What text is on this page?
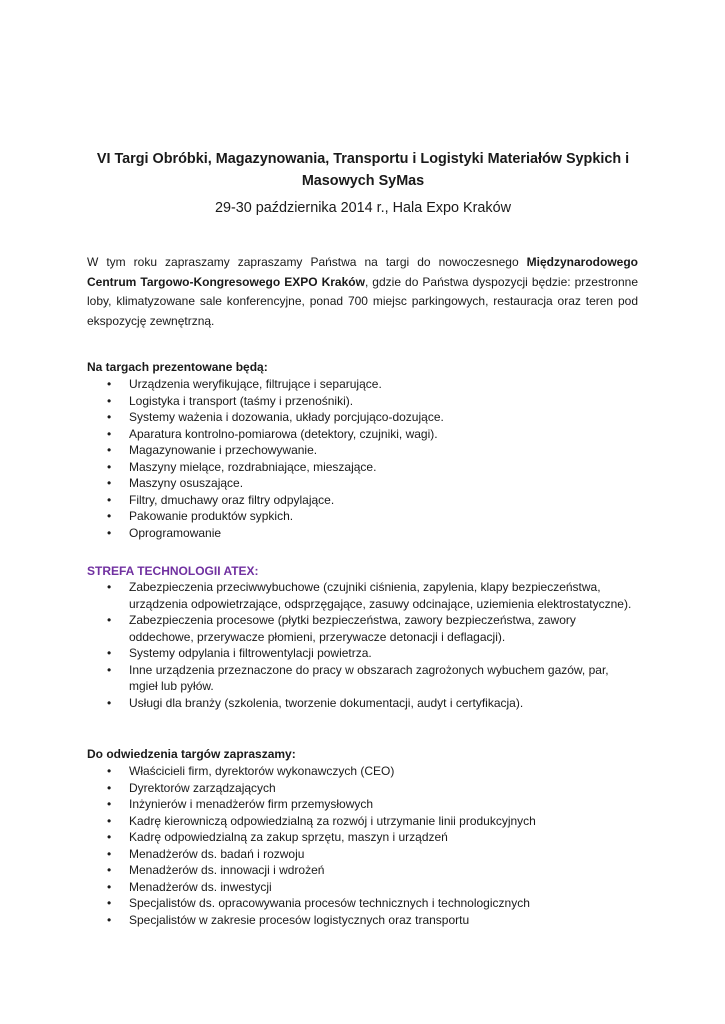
VI Targi Obróbki, Magazynowania, Transportu i Logistyki Materiałów Sypkich i Masowych SyMas
29-30 października 2014 r., Hala Expo Kraków
W tym roku zapraszamy zapraszamy Państwa na targi do nowoczesnego Międzynarodowego Centrum Targowo-Kongresowego EXPO Kraków, gdzie do Państwa dyspozycji będzie: przestronne loby, klimatyzowane sale konferencyjne, ponad 700 miejsc parkingowych, restauracja oraz teren pod ekspozycję zewnętrzną.
Na targach prezentowane będą:
• Urządzenia weryfikujące, filtrujące i separujące.
• Logistyka i transport (taśmy i przenośniki).
• Systemy ważenia i dozowania, układy porcjująco-dozujące.
• Aparatura kontrolno-pomiarowa (detektory, czujniki, wagi).
• Magazynowanie i przechowywanie.
• Maszyny mielące, rozdrabniające, mieszające.
• Maszyny osuszające.
• Filtry, dmuchawy oraz filtry odpylające.
• Pakowanie produktów sypkich.
• Oprogramowanie
STREFA TECHNOLOGII ATEX:
• Zabezpieczenia przeciwwybuchowe (czujniki ciśnienia, zapylenia, klapy bezpieczeństwa, urządzenia odpowietrzające, odsprzęgające, zasuwy odcinające, uziemienia elektrostatyczne).
• Zabezpieczenia procesowe (płytki bezpieczeństwa, zawory bezpieczeństwa, zawory oddechowe, przerywacze płomieni, przerywacze detonacji i deflagacji).
• Systemy odpylania i filtrowentylacji powietrza.
• Inne urządzenia przeznaczone do pracy w obszarach zagrożonych wybuchem gazów, par, mgieł lub pyłów.
• Usługi dla branży (szkolenia, tworzenie dokumentacji, audyt i certyfikacja).
Do odwiedzenia targów zapraszamy:
• Właścicieli firm, dyrektorów wykonawczych (CEO)
• Dyrektorów zarządzających
• Inżynierów i menadżerów firm przemysłowych
• Kadrę kierowniczą odpowiedzialną za rozwój i utrzymanie linii produkcyjnych
• Kadrę odpowiedzialną za zakup sprzętu, maszyn i urządzeń
• Menadżerów ds. badań i rozwoju
• Menadżerów ds. innowacji i wdrożeń
• Menadżerów ds. inwestycji
• Specjalistów ds. opracowywania procesów technicznych i technologicznych
• Specjalistów w zakresie procesów logistycznych oraz transportu
